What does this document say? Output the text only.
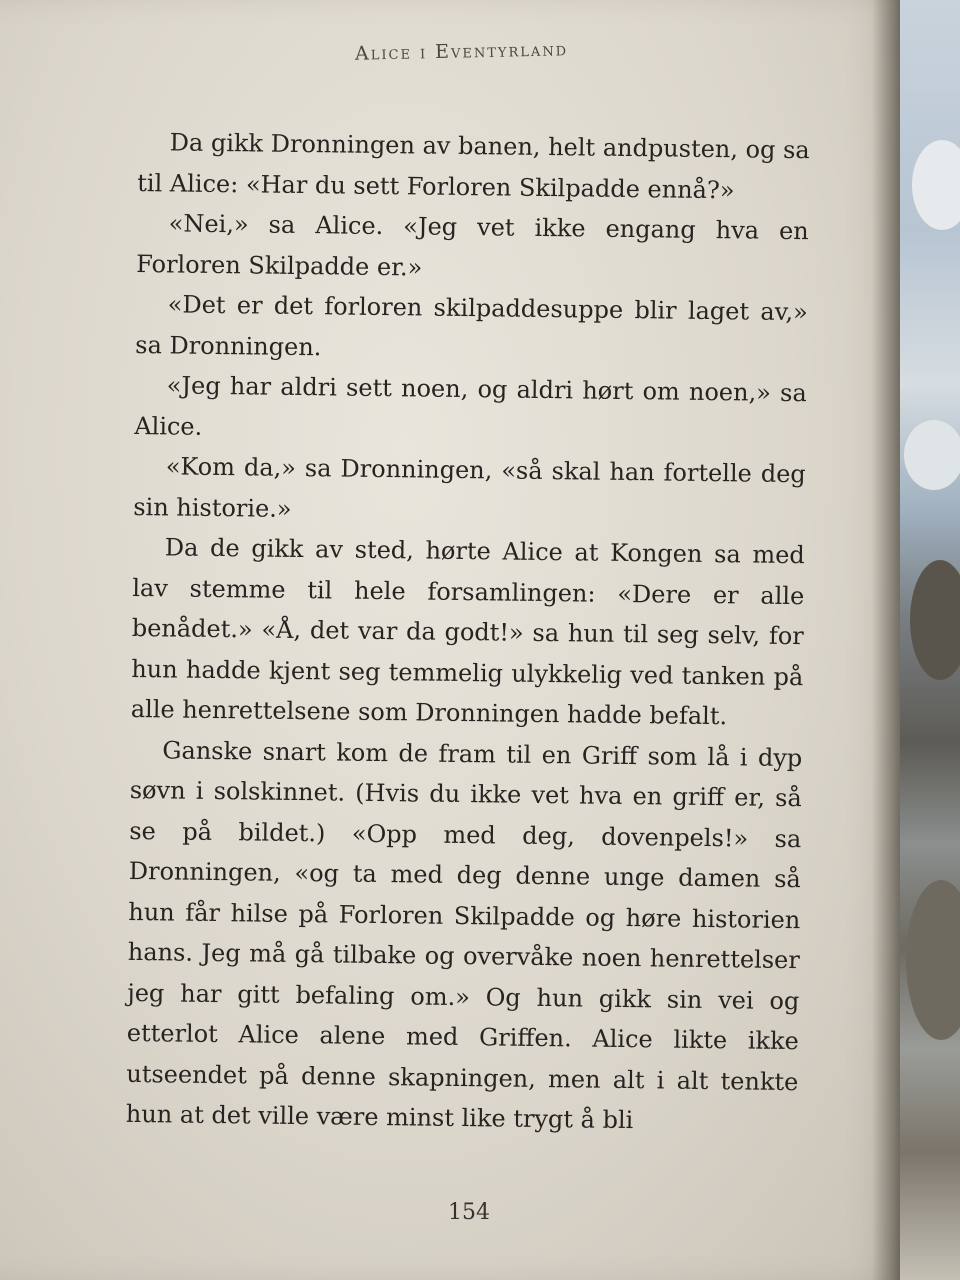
Alice i Eventyrland

Da gikk Dronningen av banen, helt andpusten, og sa til Alice: «Har du sett Forloren Skilpadde ennå?»

«Nei,» sa Alice. «Jeg vet ikke engang hva en Forloren Skilpadde er.»

«Det er det forloren skilpaddesuppe blir laget av,» sa Dronningen.

«Jeg har aldri sett noen, og aldri hørt om noen,» sa Alice.

«Kom da,» sa Dronningen, «så skal han fortelle deg sin historie.»

Da de gikk av sted, hørte Alice at Kongen sa med lav stemme til hele forsamlingen: «Dere er alle benådet.» «Å, det var da godt!» sa hun til seg selv, for hun hadde kjent seg temmelig ulykkelig ved tanken på alle henrettelsene som Dronningen hadde befalt.

Ganske snart kom de fram til en Griff som lå i dyp søvn i solskinnet. (Hvis du ikke vet hva en griff er, så se på bildet.) «Opp med deg, dovenpels!» sa Dronningen, «og ta med deg denne unge damen så hun får hilse på Forloren Skilpadde og høre historien hans. Jeg må gå tilbake og overvåke noen henrettelser jeg har gitt befaling om.» Og hun gikk sin vei og etterlot Alice alene med Griffen. Alice likte ikke utseendet på denne skapningen, men alt i alt tenkte hun at det ville være minst like trygt å bli

154
